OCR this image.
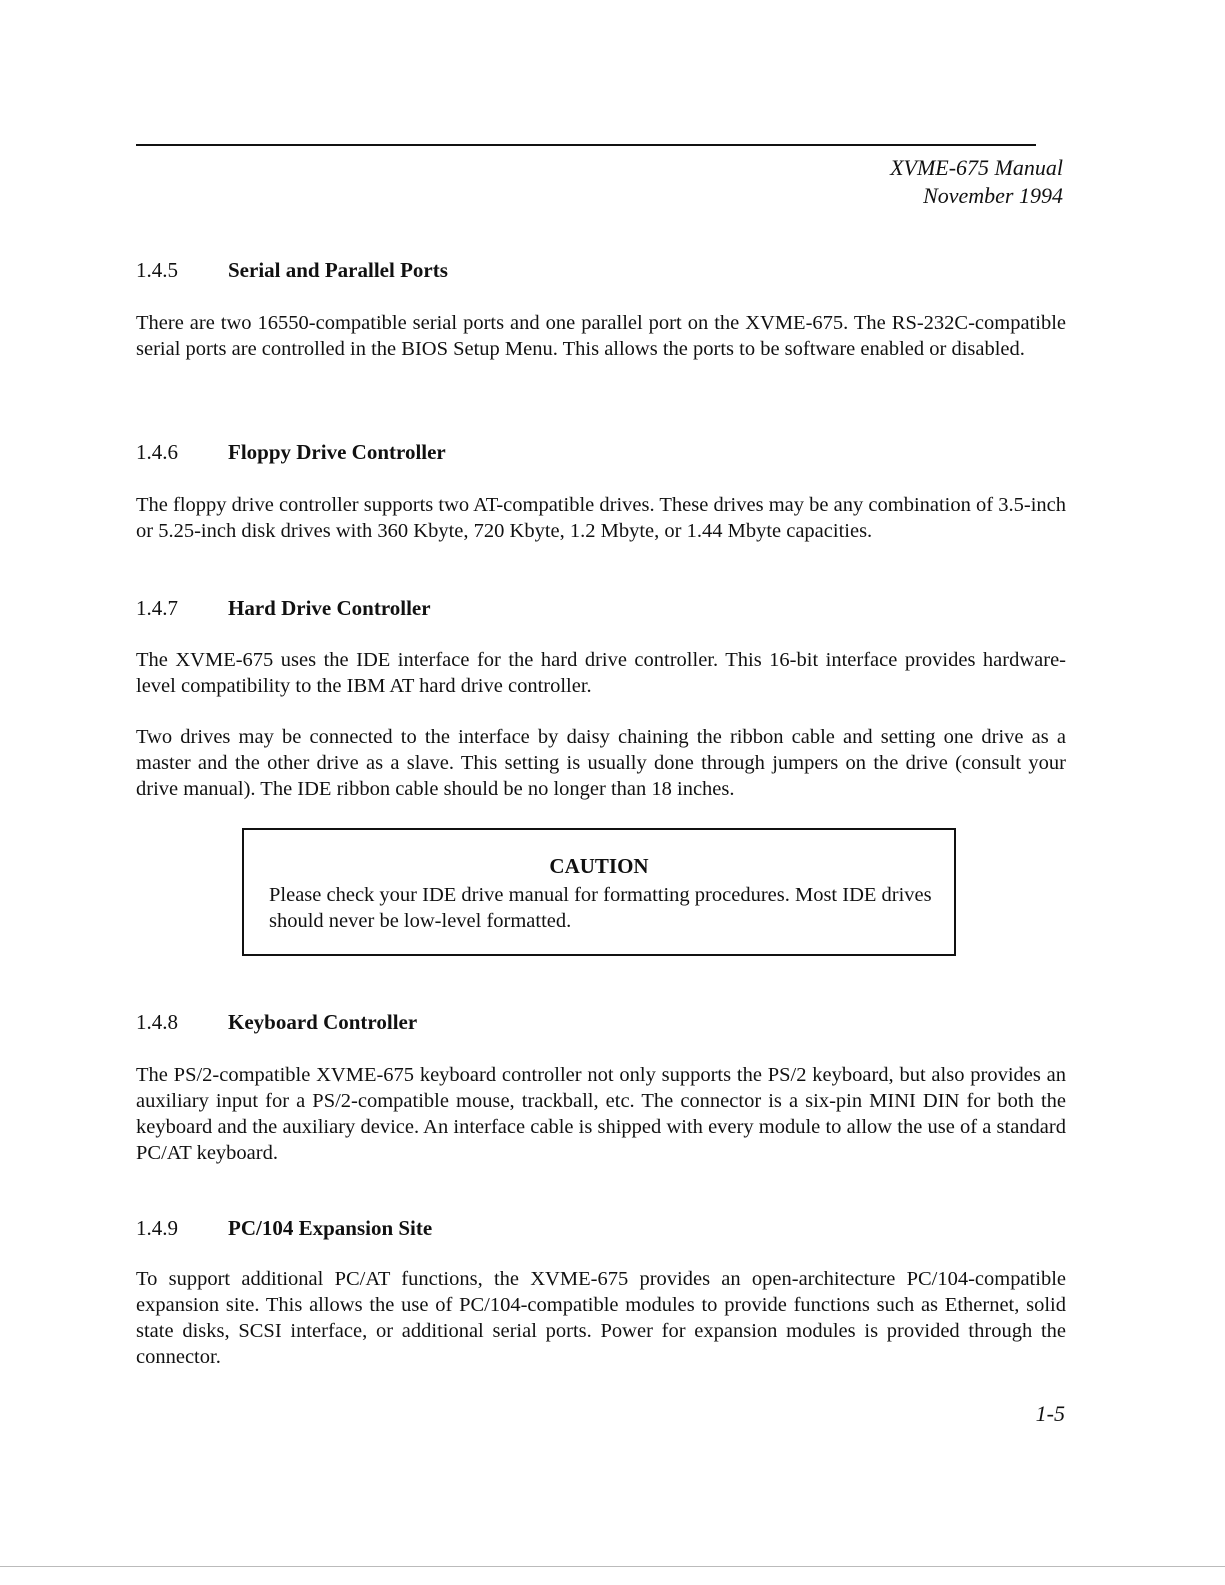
XVME-675 Manual
November 1994
1.4.5 Serial and Parallel Ports
There are two 16550-compatible serial ports and one parallel port on the XVME-675. The RS-232C-compatible serial ports are controlled in the BIOS Setup Menu. This allows the ports to be software enabled or disabled.
1.4.6 Floppy Drive Controller
The floppy drive controller supports two AT-compatible drives. These drives may be any combination of 3.5-inch or 5.25-inch disk drives with 360 Kbyte, 720 Kbyte, 1.2 Mbyte, or 1.44 Mbyte capacities.
1.4.7 Hard Drive Controller
The XVME-675 uses the IDE interface for the hard drive controller. This 16-bit interface provides hardware-level compatibility to the IBM AT hard drive controller.
Two drives may be connected to the interface by daisy chaining the ribbon cable and setting one drive as a master and the other drive as a slave. This setting is usually done through jumpers on the drive (consult your drive manual). The IDE ribbon cable should be no longer than 18 inches.
CAUTION
Please check your IDE drive manual for formatting procedures. Most IDE drives should never be low-level formatted.
1.4.8 Keyboard Controller
The PS/2-compatible XVME-675 keyboard controller not only supports the PS/2 keyboard, but also provides an auxiliary input for a PS/2-compatible mouse, trackball, etc. The connector is a six-pin MINI DIN for both the keyboard and the auxiliary device. An interface cable is shipped with every module to allow the use of a standard PC/AT keyboard.
1.4.9 PC/104 Expansion Site
To support additional PC/AT functions, the XVME-675 provides an open-architecture PC/104-compatible expansion site. This allows the use of PC/104-compatible modules to provide functions such as Ethernet, solid state disks, SCSI interface, or additional serial ports. Power for expansion modules is provided through the connector.
1-5
